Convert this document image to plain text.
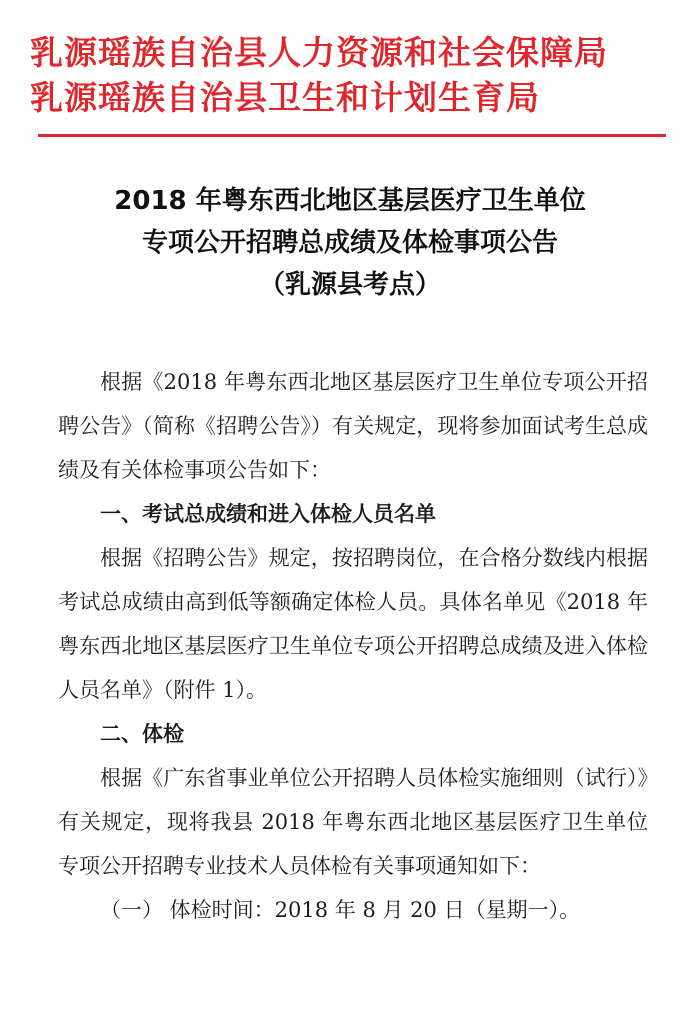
乳源瑶族自治县人力资源和社会保障局
乳源瑶族自治县卫生和计划生育局
2018 年粤东西北地区基层医疗卫生单位
专项公开招聘总成绩及体检事项公告
（乳源县考点）

根据《2018 年粤东西北地区基层医疗卫生单位专项公开招聘公告》（简称《招聘公告》）有关规定，现将参加面试考生总成绩及有关体检事项公告如下：

一、考试总成绩和进入体检人员名单

根据《招聘公告》规定，按招聘岗位，在合格分数线内根据考试总成绩由高到低等额确定体检人员。具体名单见《2018 年粤东西北地区基层医疗卫生单位专项公开招聘总成绩及进入体检人员名单》（附件 1）。

二、体检

根据《广东省事业单位公开招聘人员体检实施细则（试行）》有关规定，现将我县 2018 年粤东西北地区基层医疗卫生单位专项公开招聘专业技术人员体检有关事项通知如下：

（一） 体检时间：2018 年 8 月 20 日（星期一）。
